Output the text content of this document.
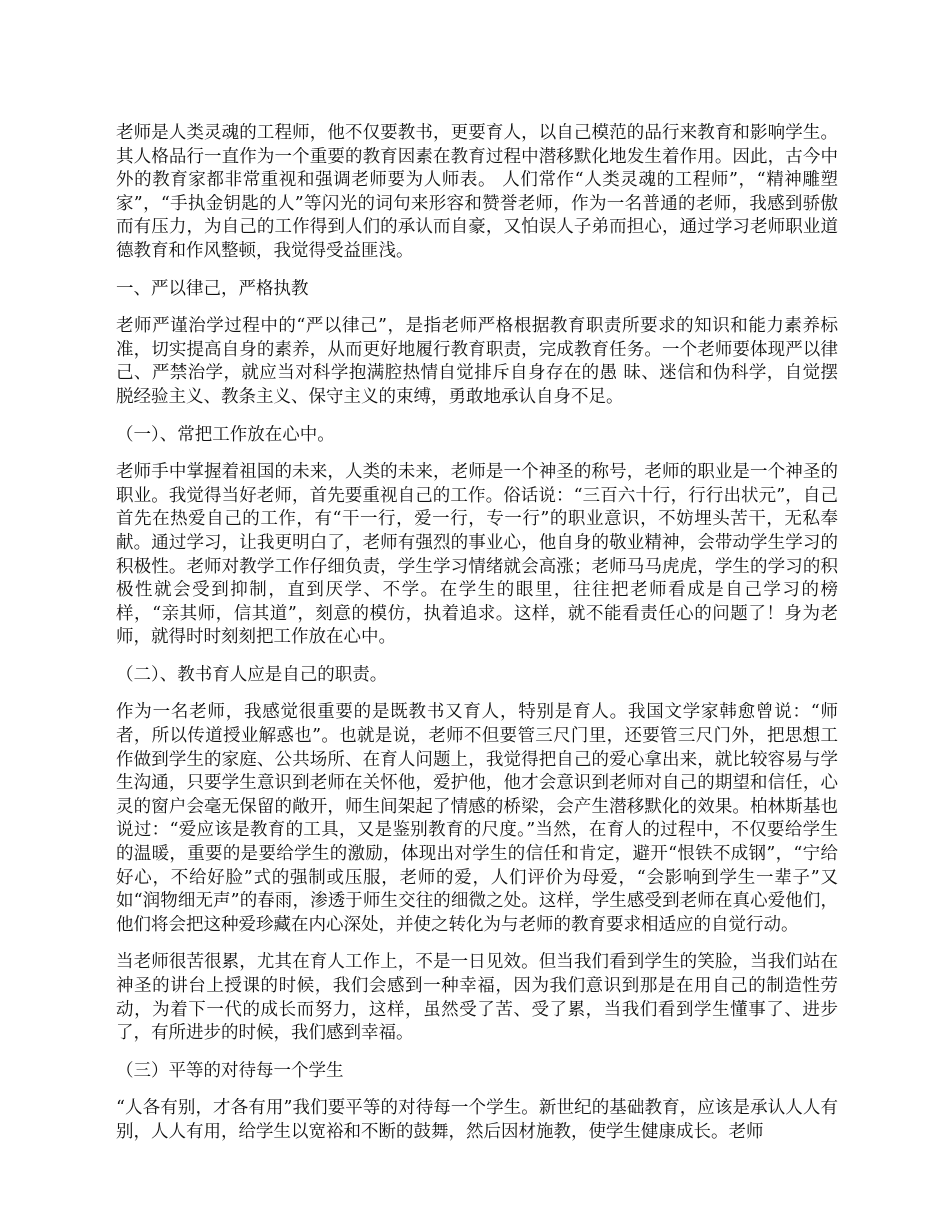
老师是人类灵魂的工程师，他不仅要教书，更要育人，以自己模范的品行来教育和影响学生。其人格品行一直作为一个重要的教育因素在教育过程中潜移默化地发生着作用。因此，古今中外的教育家都非常重视和强调老师要为人师表。 人们常作“人类灵魂的工程师”，“精神雕塑家”，“手执金钥匙的人”等闪光的词句来形容和赞誉老师，作为一名普通的老师，我感到骄傲而有压力，为自己的工作得到人们的承认而自豪，又怕误人子弟而担心，通过学习老师职业道德教育和作风整顿，我觉得受益匪浅。

一、严以律己，严格执教

老师严谨治学过程中的“严以律己”，是指老师严格根据教育职责所要求的知识和能力素养标准，切实提高自身的素养，从而更好地履行教育职责，完成教育任务。一个老师要体现严以律己、严禁治学，就应当对科学抱满腔热情自觉排斥自身存在的愚 昧、迷信和伪科学，自觉摆脱经验主义、教条主义、保守主义的束缚，勇敢地承认自身不足。

（一）、常把工作放在心中。

老师手中掌握着祖国的未来，人类的未来，老师是一个神圣的称号，老师的职业是一个神圣的职业。我觉得当好老师，首先要重视自己的工作。俗话说：“三百六十行，行行出状元”，自己首先在热爱自己的工作，有“干一行，爱一行，专一行”的职业意识，不妨埋头苦干，无私奉献。通过学习，让我更明白了，老师有强烈的事业心，他自身的敬业精神，会带动学生学习的积极性。老师对教学工作仔细负责，学生学习情绪就会高涨；老师马马虎虎，学生的学习的积极性就会受到抑制，直到厌学、不学。在学生的眼里，往往把老师看成是自己学习的榜样，“亲其师，信其道”，刻意的模仿，执着追求。这样，就不能看责任心的问题了！身为老师，就得时时刻刻把工作放在心中。

（二）、教书育人应是自己的职责。

作为一名老师，我感觉很重要的是既教书又育人，特别是育人。我国文学家韩愈曾说：“师者，所以传道授业解惑也”。也就是说，老师不但要管三尺门里，还要管三尺门外，把思想工作做到学生的家庭、公共场所、在育人问题上，我觉得把自己的爱心拿出来，就比较容易与学生沟通，只要学生意识到老师在关怀他，爱护他，他才会意识到老师对自己的期望和信任，心灵的窗户会毫无保留的敞开，师生间架起了情感的桥梁，会产生潜移默化的效果。柏林斯基也说过：“爱应该是教育的工具，又是鉴别教育的尺度。”当然，在育人的过程中，不仅要给学生的温暖，重要的是要给学生的激励，体现出对学生的信任和肯定，避开“恨铁不成钢”，“宁给好心，不给好脸”式的强制或压服，老师的爱，人们评价为母爱，“会影响到学生一辈子”又如“润物细无声”的春雨，渗透于师生交往的细微之处。这样，学生感受到老师在真心爱他们，他们将会把这种爱珍藏在内心深处，并使之转化为与老师的教育要求相适应的自觉行动。

当老师很苦很累，尤其在育人工作上，不是一日见效。但当我们看到学生的笑脸，当我们站在神圣的讲台上授课的时候，我们会感到一种幸福，因为我们意识到那是在用自己的制造性劳动，为着下一代的成长而努力，这样，虽然受了苦、受了累，当我们看到学生懂事了、进步了，有所进步的时候，我们感到幸福。

（三）平等的对待每一个学生

“人各有别，才各有用”我们要平等的对待每一个学生。新世纪的基础教育，应该是承认人人有别，人人有用，给学生以宽裕和不断的鼓舞，然后因材施教，使学生健康成长。老师
